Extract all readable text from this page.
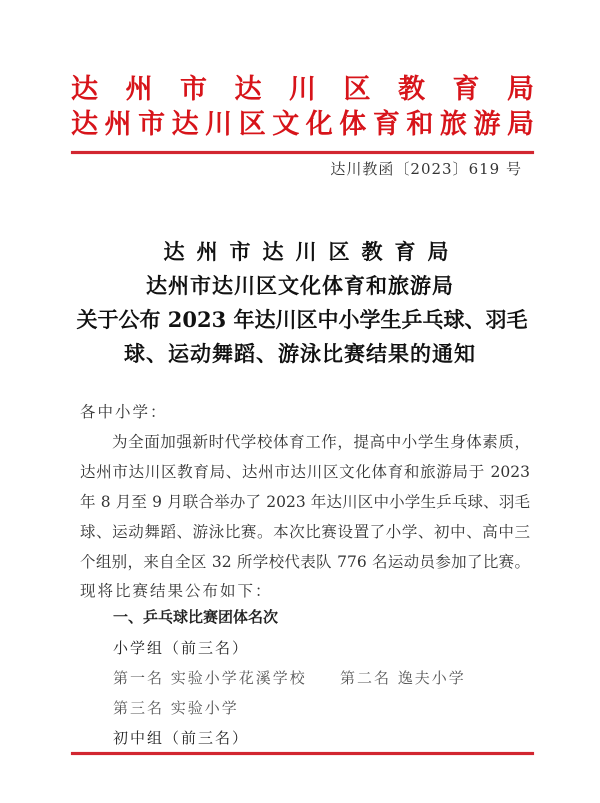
达州市达川区教育局
达州市达川区文化体育和旅游局
达川教函〔2023〕619 号
达州市达川区教育局
达州市达川区文化体育和旅游局
关于公布 2023 年达川区中小学生乒乓球、羽毛
球、运动舞蹈、游泳比赛结果的通知
各中小学：
为全面加强新时代学校体育工作，提高中小学生身体素质，
达州市达川区教育局、达州市达川区文化体育和旅游局于 2023
年 8 月至 9 月联合举办了 2023 年达川区中小学生乒乓球、羽毛
球、运动舞蹈、游泳比赛。本次比赛设置了小学、初中、高中三
个组别，来自全区 32 所学校代表队 776 名运动员参加了比赛。
现将比赛结果公布如下：
一、乒乓球比赛团体名次
小学组（前三名）
第一名 实验小学花溪学校 第二名 逸夫小学
第三名 实验小学
初中组（前三名）
